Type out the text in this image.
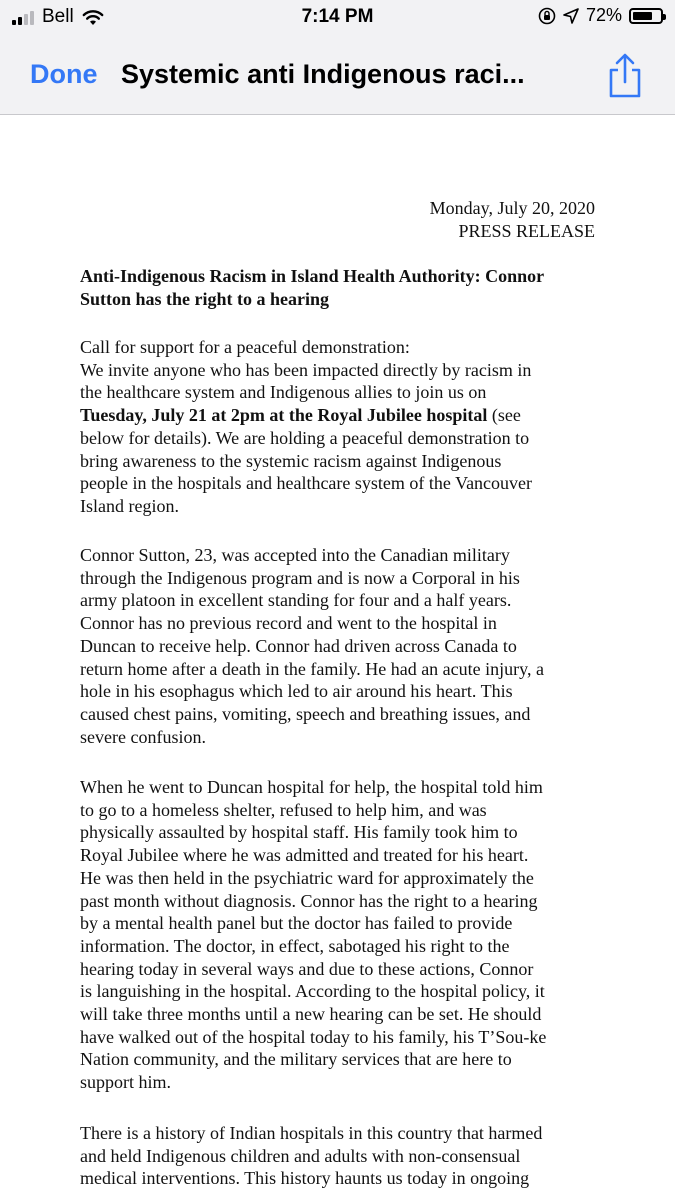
Bell	7:14 PM	72%
Done Systemic anti Indigenous raci...
Monday, July 20, 2020
PRESS RELEASE
Anti-Indigenous Racism in Island Health Authority: Connor
Sutton has the right to a hearing
Call for support for a peaceful demonstration:
We invite anyone who has been impacted directly by racism in
the healthcare system and Indigenous allies to join us on
Tuesday, July 21 at 2pm at the Royal Jubilee hospital (see
below for details). We are holding a peaceful demonstration to
bring awareness to the systemic racism against Indigenous
people in the hospitals and healthcare system of the Vancouver
Island region.
Connor Sutton, 23, was accepted into the Canadian military
through the Indigenous program and is now a Corporal in his
army platoon in excellent standing for four and a half years.
Connor has no previous record and went to the hospital in
Duncan to receive help. Connor had driven across Canada to
return home after a death in the family. He had an acute injury, a
hole in his esophagus which led to air around his heart. This
caused chest pains, vomiting, speech and breathing issues, and
severe confusion.
When he went to Duncan hospital for help, the hospital told him
to go to a homeless shelter, refused to help him, and was
physically assaulted by hospital staff. His family took him to
Royal Jubilee where he was admitted and treated for his heart.
He was then held in the psychiatric ward for approximately the
past month without diagnosis. Connor has the right to a hearing
by a mental health panel but the doctor has failed to provide
information. The doctor, in effect, sabotaged his right to the
hearing today in several ways and due to these actions, Connor
is languishing in the hospital. According to the hospital policy, it
will take three months until a new hearing can be set. He should
have walked out of the hospital today to his family, his T’Sou-ke
Nation community, and the military services that are here to
support him.
There is a history of Indian hospitals in this country that harmed
and held Indigenous children and adults with non-consensual
medical interventions. This history haunts us today in ongoing
